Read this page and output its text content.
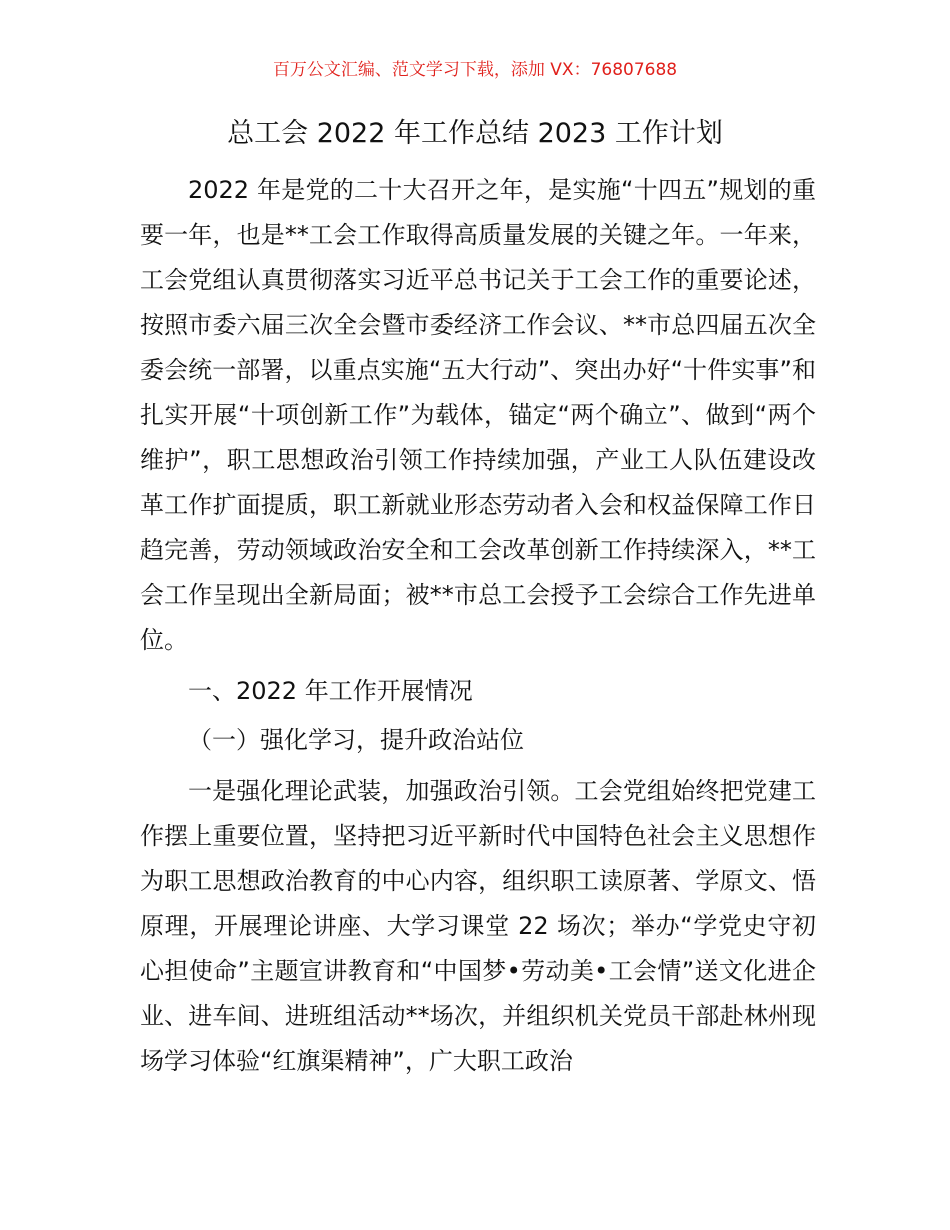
百万公文汇编、范文学习下载，添加 VX：76807688
总工会 2022 年工作总结 2023 工作计划

2022 年是党的二十大召开之年，是实施“十四五”规划的重要一年，也是**工会工作取得高质量发展的关键之年。一年来，工会党组认真贯彻落实习近平总书记关于工会工作的重要论述，按照市委六届三次全会暨市委经济工作会议、**市总四届五次全委会统一部署，以重点实施“五大行动”、突出办好“十件实事”和扎实开展“十项创新工作”为载体，锚定“两个确立”、做到“两个维护”，职工思想政治引领工作持续加强，产业工人队伍建设改革工作扩面提质，职工新就业形态劳动者入会和权益保障工作日趋完善，劳动领域政治安全和工会改革创新工作持续深入，**工会工作呈现出全新局面；被**市总工会授予工会综合工作先进单位。

一、2022 年工作开展情况

（一）强化学习，提升政治站位

一是强化理论武装，加强政治引领。工会党组始终把党建工作摆上重要位置，坚持把习近平新时代中国特色社会主义思想作为职工思想政治教育的中心内容，组织职工读原著、学原文、悟原理，开展理论讲座、大学习课堂 22 场次；举办“学党史守初心担使命”主题宣讲教育和“中国梦•劳动美•工会情”送文化进企业、进车间、进班组活动**场次，并组织机关党员干部赴林州现场学习体验“红旗渠精神”，广大职工政治
